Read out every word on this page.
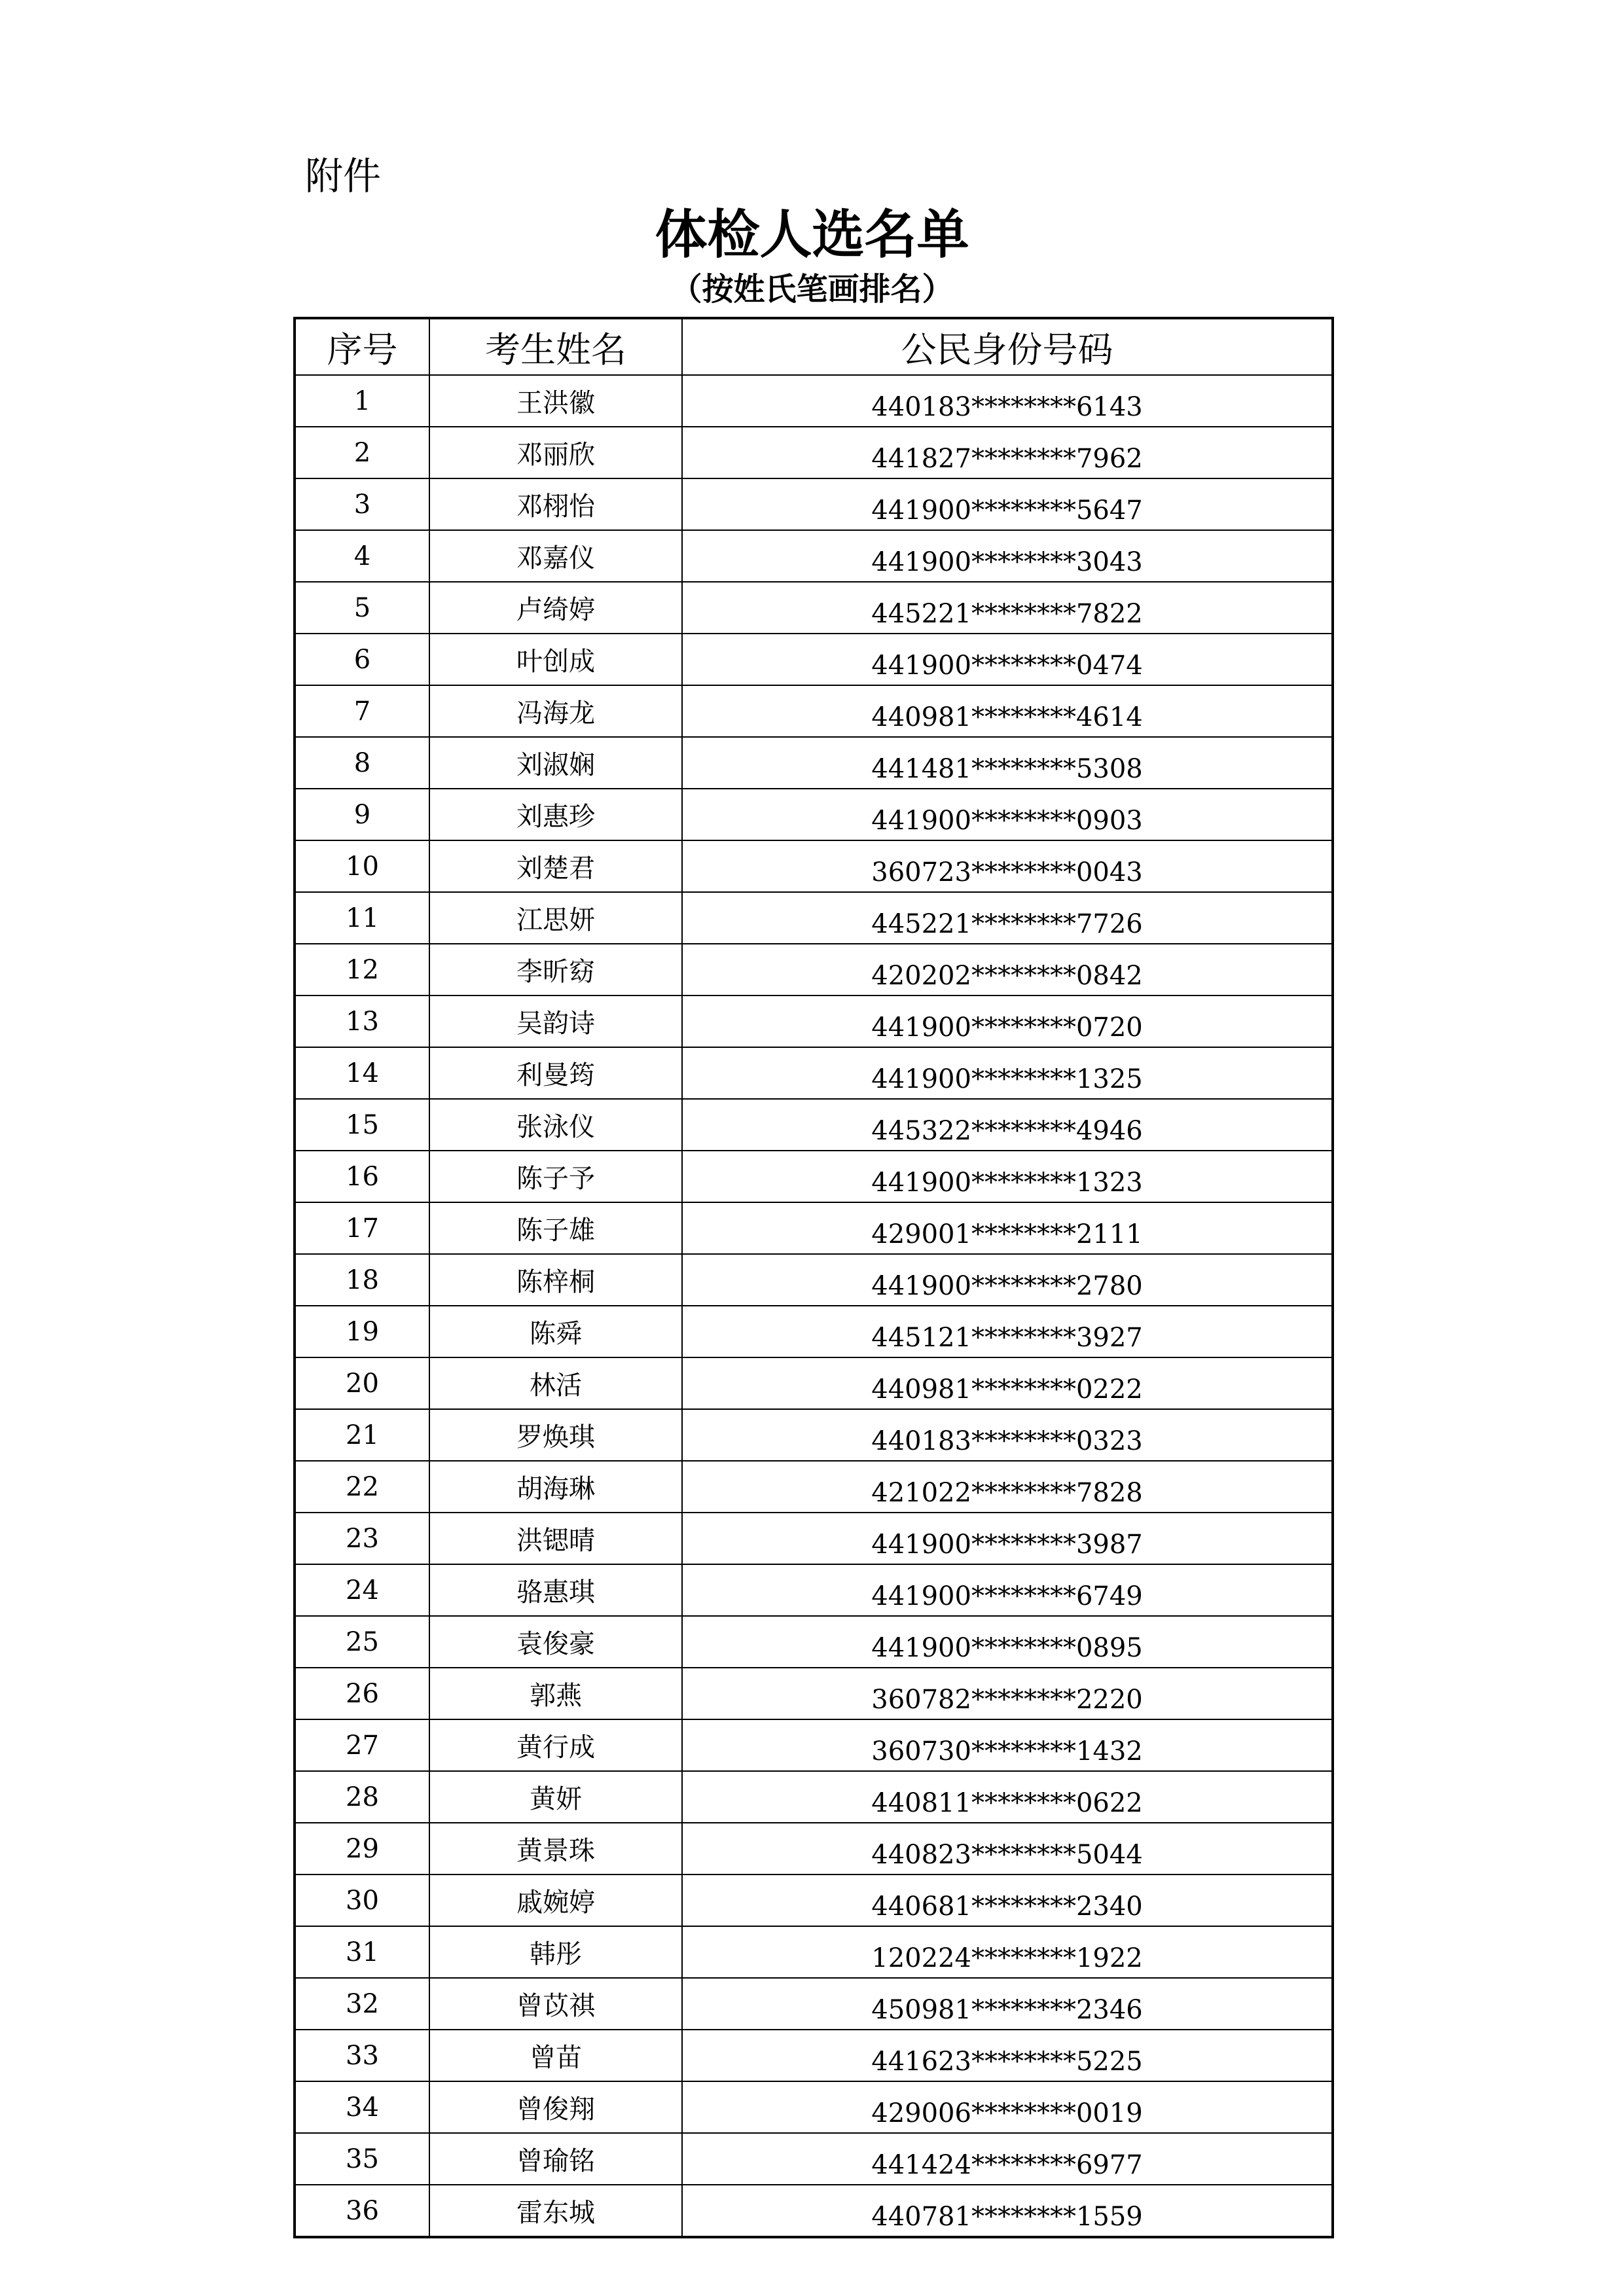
附件
体检人选名单
（按姓氏笔画排名）
序号	考生姓名	公民身份号码
1	王洪徽	440183********6143
2	邓丽欣	441827********7962
3	邓栩怡	441900********5647
4	邓嘉仪	441900********3043
5	卢绮婷	445221********7822
6	叶创成	441900********0474
7	冯海龙	440981********4614
8	刘淑娴	441481********5308
9	刘惠珍	441900********0903
10	刘楚君	360723********0043
11	江思妍	445221********7726
12	李昕窈	420202********0842
13	吴韵诗	441900********0720
14	利曼筠	441900********1325
15	张泳仪	445322********4946
16	陈子予	441900********1323
17	陈子雄	429001********2111
18	陈梓桐	441900********2780
19	陈舜	445121********3927
20	林活	440981********0222
21	罗焕琪	440183********0323
22	胡海琳	421022********7828
23	洪锶晴	441900********3987
24	骆惠琪	441900********6749
25	袁俊豪	441900********0895
26	郭燕	360782********2220
27	黄行成	360730********1432
28	黄妍	440811********0622
29	黄景珠	440823********5044
30	戚婉婷	440681********2340
31	韩彤	120224********1922
32	曾苡祺	450981********2346
33	曾苗	441623********5225
34	曾俊翔	429006********0019
35	曾瑜铭	441424********6977
36	雷东城	440781********1559
